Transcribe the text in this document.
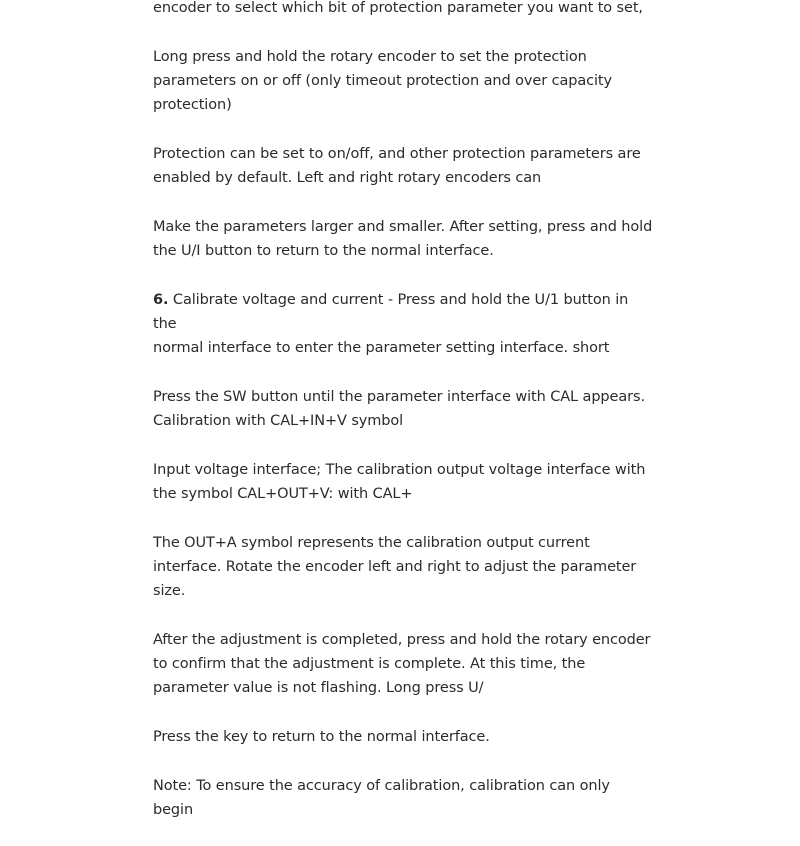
encoder to select which bit of protection parameter you want to set,

Long press and hold the rotary encoder to set the protection
parameters on or off (only timeout protection and over capacity
protection)

Protection can be set to on/off, and other protection parameters are
enabled by default. Left and right rotary encoders can

Make the parameters larger and smaller. After setting, press and hold
the U/I button to return to the normal interface.

6. Calibrate voltage and current - Press and hold the U/1 button in the
normal interface to enter the parameter setting interface. short

Press the SW button until the parameter interface with CAL appears.
Calibration with CAL+IN+V symbol

Input voltage interface; The calibration output voltage interface with
the symbol CAL+OUT+V: with CAL+

The OUT+A symbol represents the calibration output current
interface. Rotate the encoder left and right to adjust the parameter
size.

After the adjustment is completed, press and hold the rotary encoder
to confirm that the adjustment is complete. At this time, the
parameter value is not flashing. Long press U/

Press the key to return to the normal interface.

Note: To ensure the accuracy of calibration, calibration can only begin
